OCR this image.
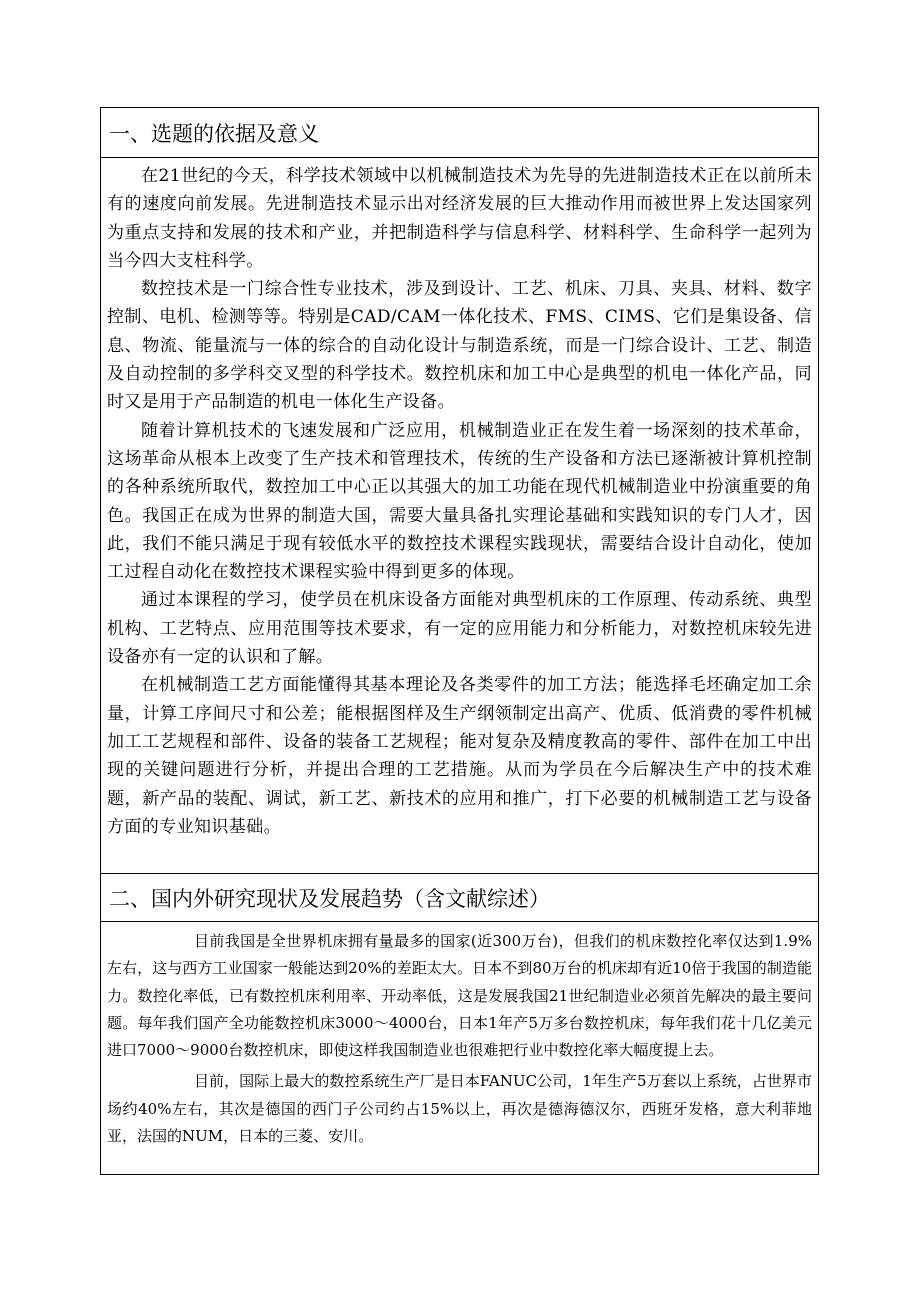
一、选题的依据及意义

在21世纪的今天，科学技术领域中以机械制造技术为先导的先进制造技术正在以前所未有的速度向前发展。先进制造技术显示出对经济发展的巨大推动作用而被世界上发达国家列为重点支持和发展的技术和产业，并把制造科学与信息科学、材料科学、生命科学一起列为当今四大支柱科学。

数控技术是一门综合性专业技术，涉及到设计、工艺、机床、刀具、夹具、材料、数字控制、电机、检测等等。特别是CAD/CAM一体化技术、FMS、CIMS、它们是集设备、信息、物流、能量流与一体的综合的自动化设计与制造系统，而是一门综合设计、工艺、制造及自动控制的多学科交叉型的科学技术。数控机床和加工中心是典型的机电一体化产品，同时又是用于产品制造的机电一体化生产设备。

随着计算机技术的飞速发展和广泛应用，机械制造业正在发生着一场深刻的技术革命，这场革命从根本上改变了生产技术和管理技术，传统的生产设备和方法已逐渐被计算机控制的各种系统所取代，数控加工中心正以其强大的加工功能在现代机械制造业中扮演重要的角色。我国正在成为世界的制造大国，需要大量具备扎实理论基础和实践知识的专门人才，因此，我们不能只满足于现有较低水平的数控技术课程实践现状，需要结合设计自动化，使加工过程自动化在数控技术课程实验中得到更多的体现。

通过本课程的学习，使学员在机床设备方面能对典型机床的工作原理、传动系统、典型机构、工艺特点、应用范围等技术要求，有一定的应用能力和分析能力，对数控机床较先进设备亦有一定的认识和了解。

在机械制造工艺方面能懂得其基本理论及各类零件的加工方法；能选择毛坯确定加工余量，计算工序间尺寸和公差；能根据图样及生产纲领制定出高产、优质、低消费的零件机械加工工艺规程和部件、设备的装备工艺规程；能对复杂及精度教高的零件、部件在加工中出现的关键问题进行分析，并提出合理的工艺措施。从而为学员在今后解决生产中的技术难题，新产品的装配、调试，新工艺、新技术的应用和推广，打下必要的机械制造工艺与设备方面的专业知识基础。

二、国内外研究现状及发展趋势（含文献综述）

目前我国是全世界机床拥有量最多的国家(近300万台)，但我们的机床数控化率仅达到1.9%左右，这与西方工业国家一般能达到20%的差距太大。日本不到80万台的机床却有近10倍于我国的制造能力。数控化率低，已有数控机床利用率、开动率低，这是发展我国21世纪制造业必须首先解决的最主要问题。每年我们国产全功能数控机床3000～4000台，日本1年产5万多台数控机床，每年我们花十几亿美元进口7000～9000台数控机床，即使这样我国制造业也很难把行业中数控化率大幅度提上去。

目前，国际上最大的数控系统生产厂是日本FANUC公司，1年生产5万套以上系统，占世界市场约40%左右，其次是德国的西门子公司约占15%以上，再次是德海德汉尔，西班牙发格，意大利菲地亚，法国的NUM，日本的三菱、安川。
